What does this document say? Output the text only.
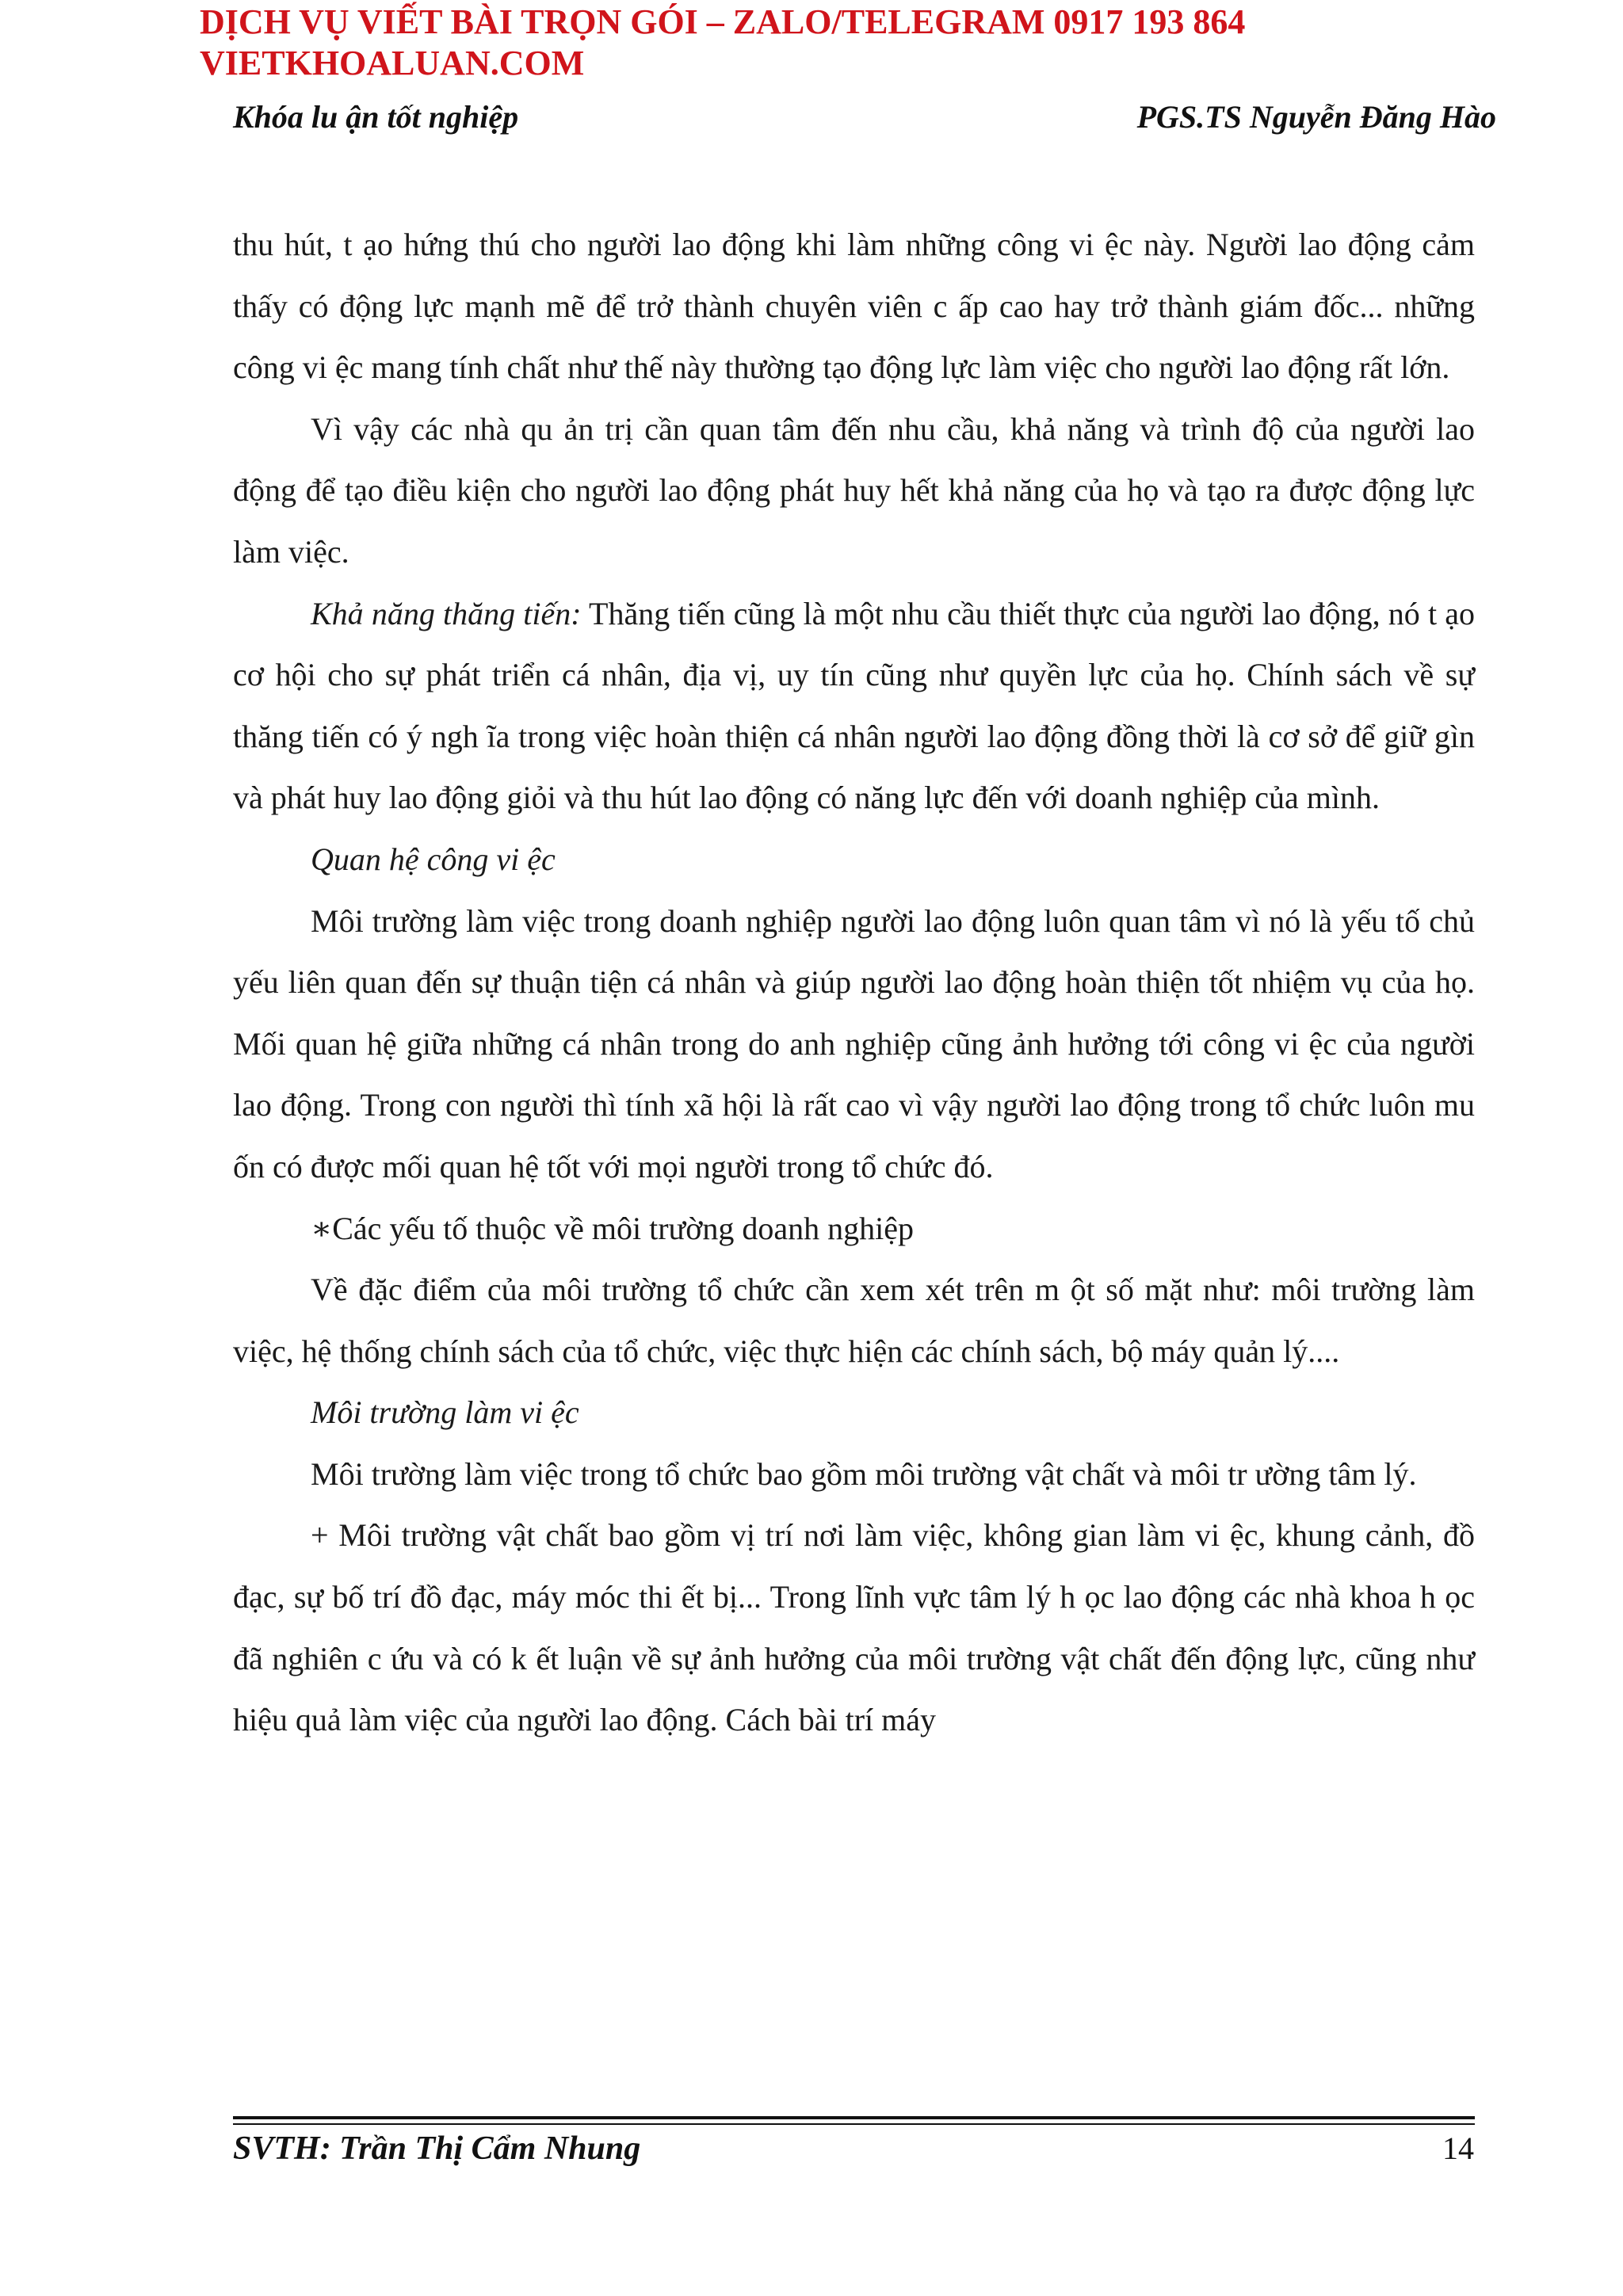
DỊCH VỤ VIẾT BÀI TRỌN GÓI – ZALO/TELEGRAM 0917 193 864
VIETKHOALUAN.COM
Khóa lu ận tốt nghiệp	PGS.TS Nguyễn Đăng Hào

thu hút, t ạo hứng thú cho người lao động khi làm những công vi ệc này. Người lao động cảm thấy có động lực mạnh mẽ để trở thành chuyên viên c ấp cao hay trở thành giám đốc... những công vi ệc mang tính chất như thế này thường tạo động lực làm việc cho người lao động rất lớn.

Vì vậy các nhà qu ản trị cần quan tâm đến nhu cầu, khả năng và trình độ của người lao động để tạo điều kiện cho người lao động phát huy hết khả năng của họ và tạo ra được động lực làm việc.

Khả năng thăng tiến: Thăng tiến cũng là một nhu cầu thiết thực của người lao động, nó t ạo cơ hội cho sự phát triển cá nhân, địa vị, uy tín cũng như quyền lực của họ. Chính sách về sự thăng tiến có ý ngh ĩa trong việc hoàn thiện cá nhân người lao động đồng thời là cơ sở để giữ gìn và phát huy lao động giỏi và thu hút lao động có năng lực đến với doanh nghiệp của mình.

Quan hệ công vi ệc

Môi trường làm việc trong doanh nghiệp người lao động luôn quan tâm vì nó là yếu tố chủ yếu liên quan đến sự thuận tiện cá nhân và giúp người lao động hoàn thiện tốt nhiệm vụ của họ. Mối quan hệ giữa những cá nhân trong do anh nghiệp cũng ảnh hưởng tới công vi ệc của người lao động. Trong con người thì tính xã hội là rất cao vì vậy người lao động trong tổ chức luôn mu ốn có được mối quan hệ tốt với mọi người trong tổ chức đó.

∗Các yếu tố thuộc về môi trường doanh nghiệp

Về đặc điểm của môi trường tổ chức cần xem xét trên m ột số mặt như: môi trường làm việc, hệ thống chính sách của tổ chức, việc thực hiện các chính sách, bộ máy quản lý....

Môi trường làm vi ệc

Môi trường làm việc trong tổ chức bao gồm môi trường vật chất và môi tr ường tâm lý.

+ Môi trường vật chất bao gồm vị trí nơi làm việc, không gian làm vi ệc, khung cảnh, đồ đạc, sự bố trí đồ đạc, máy móc thi ết bị... Trong lĩnh vực tâm lý h ọc lao động các nhà khoa h ọc đã nghiên c ứu và có k ết luận về sự ảnh hưởng của môi trường vật chất đến động lực, cũng như hiệu quả làm việc của người lao động. Cách bài trí máy

SVTH: Trần Thị Cẩm Nhung	14
